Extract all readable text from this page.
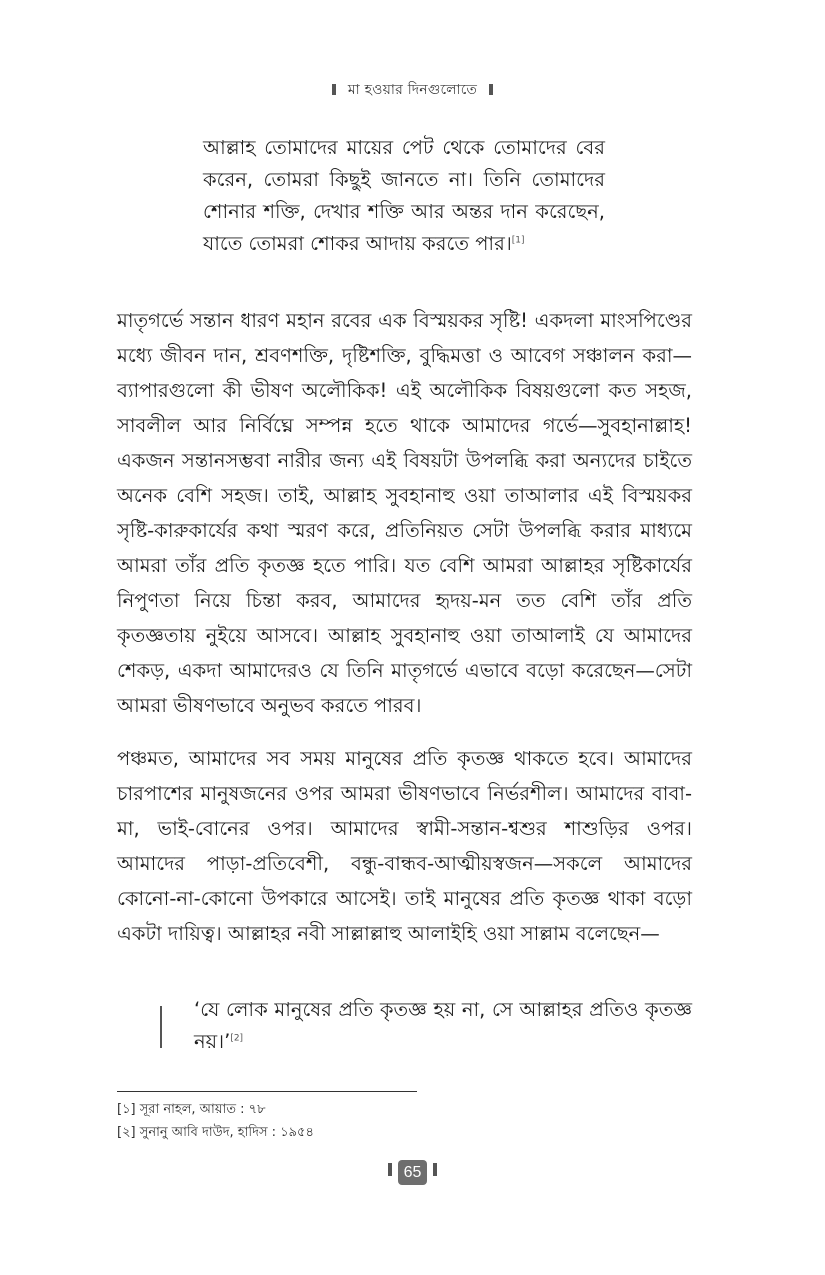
মা হওয়ার দিনগুলোতে
আল্লাহ তোমাদের মায়ের পেট থেকে তোমাদের বের করেন, তোমরা কিছুই জানতে না। তিনি তোমাদের শোনার শক্তি, দেখার শক্তি আর অন্তর দান করেছেন, যাতে তোমরা শোকর আদায় করতে পার।[1]

মাতৃগর্ভে সন্তান ধারণ মহান রবের এক বিস্ময়কর সৃষ্টি! একদলা মাংসপিণ্ডের মধ্যে জীবন দান, শ্রবণশক্তি, দৃষ্টিশক্তি, বুদ্ধিমত্তা ও আবেগ সঞ্চালন করা—ব্যাপারগুলো কী ভীষণ অলৌকিক! এই অলৌকিক বিষয়গুলো কত সহজ, সাবলীল আর নির্বিঘ্নে সম্পন্ন হতে থাকে আমাদের গর্ভে—সুবহানাল্লাহ! একজন সন্তানসম্ভবা নারীর জন্য এই বিষয়টা উপলব্ধি করা অন্যদের চাইতে অনেক বেশি সহজ। তাই, আল্লাহ সুবহানাহু ওয়া তাআলার এই বিস্ময়কর সৃষ্টি-কারুকার্যের কথা স্মরণ করে, প্রতিনিয়ত সেটা উপলব্ধি করার মাধ্যমে আমরা তাঁর প্রতি কৃতজ্ঞ হতে পারি। যত বেশি আমরা আল্লাহর সৃষ্টিকার্যের নিপুণতা নিয়ে চিন্তা করব, আমাদের হৃদয়-মন তত বেশি তাঁর প্রতি কৃতজ্ঞতায় নুইয়ে আসবে। আল্লাহ সুবহানাহু ওয়া তাআলাই যে আমাদের শেকড়, একদা আমাদেরও যে তিনি মাতৃগর্ভে এভাবে বড়ো করেছেন—সেটা আমরা ভীষণভাবে অনুভব করতে পারব।

পঞ্চমত, আমাদের সব সময় মানুষের প্রতি কৃতজ্ঞ থাকতে হবে। আমাদের চারপাশের মানুষজনের ওপর আমরা ভীষণভাবে নির্ভরশীল। আমাদের বাবা-মা, ভাই-বোনের ওপর। আমাদের স্বামী-সন্তান-শ্বশুর শাশুড়ির ওপর। আমাদের পাড়া-প্রতিবেশী, বন্ধু-বান্ধব-আত্মীয়স্বজন—সকলে আমাদের কোনো-না-কোনো উপকারে আসেই। তাই মানুষের প্রতি কৃতজ্ঞ থাকা বড়ো একটা দায়িত্ব। আল্লাহর নবী সাল্লাল্লাহু আলাইহি ওয়া সাল্লাম বলেছেন—

‘যে লোক মানুষের প্রতি কৃতজ্ঞ হয় না, সে আল্লাহর প্রতিও কৃতজ্ঞ নয়।’[2]
[১] সূরা নাহল, আয়াত : ৭৮
[২] সুনানু আবি দাউদ, হাদিস : ১৯৫৪
65
